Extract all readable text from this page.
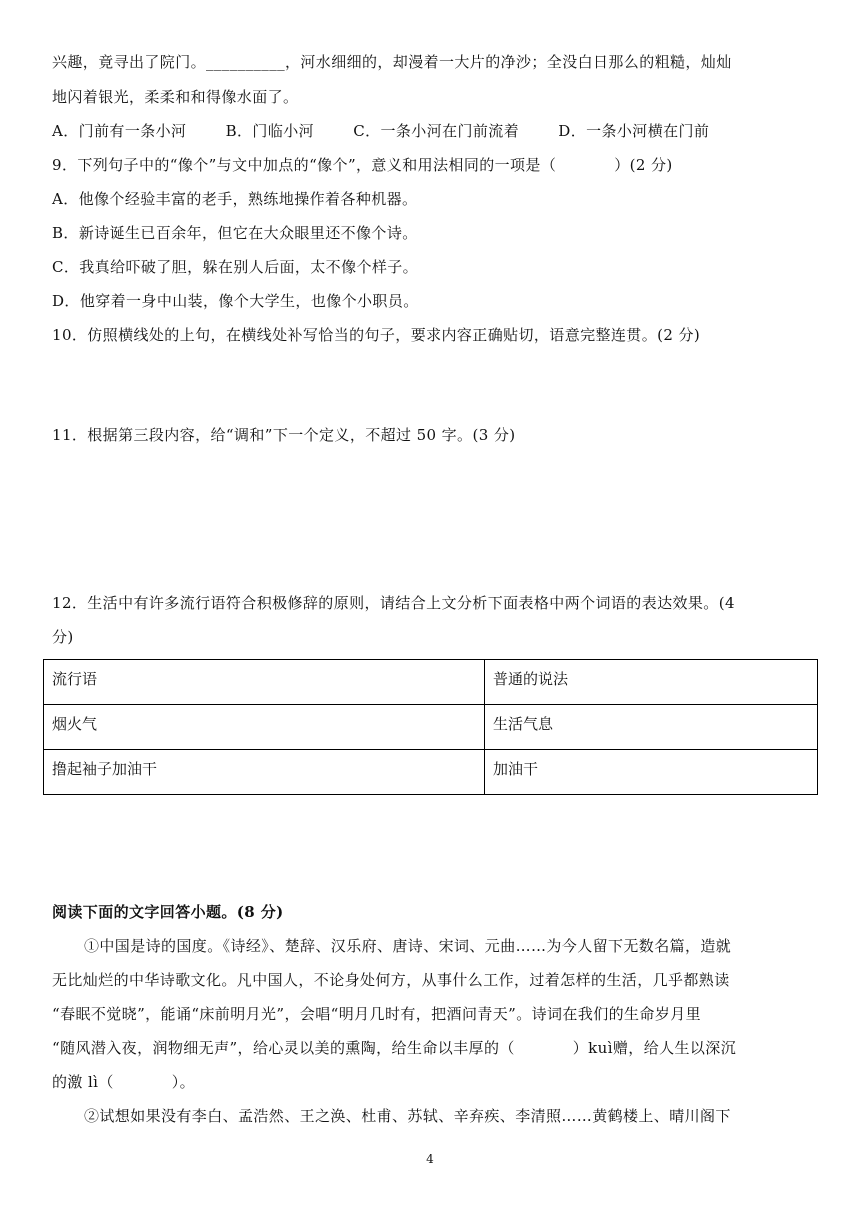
兴趣，竟寻出了院门。__________，河水细细的，却漫着一大片的净沙；全没白日那么的粗糙，灿灿
地闪着银光，柔柔和和得像水面了。
A．门前有一条小河	B．门临小河	C．一条小河在门前流着	D．一条小河横在门前
9．下列句子中的“像个”与文中加点的“像个”，意义和用法相同的一项是（	）(2 分)
A．他像个经验丰富的老手，熟练地操作着各种机器。
B．新诗诞生已百余年，但它在大众眼里还不像个诗。
C．我真给吓破了胆，躲在别人后面，太不像个样子。
D．他穿着一身中山装，像个大学生，也像个小职员。
10．仿照横线处的上句，在横线处补写恰当的句子，要求内容正确贴切，语意完整连贯。(2 分)
11．根据第三段内容，给“调和”下一个定义，不超过 50 字。(3 分)
12．生活中有许多流行语符合积极修辞的原则，请结合上文分析下面表格中两个词语的表达效果。(4
分)
流行语	普通的说法
烟火气	生活气息
撸起袖子加油干	加油干
阅读下面的文字回答小题。(8 分)
①中国是诗的国度。《诗经》、楚辞、汉乐府、唐诗、宋词、元曲……为今人留下无数名篇，造就
无比灿烂的中华诗歌文化。凡中国人，不论身处何方，从事什么工作，过着怎样的生活，几乎都熟读
“春眠不觉晓”，能诵“床前明月光”，会唱“明月几时有，把酒问青天”。诗词在我们的生命岁月里
“随风潜入夜，润物细无声”，给心灵以美的熏陶，给生命以丰厚的（	）kuì赠，给人生以深沉
的激 lì（	）。
②试想如果没有李白、孟浩然、王之涣、杜甫、苏轼、辛弃疾、李清照……黄鹤楼上、晴川阁下
4
